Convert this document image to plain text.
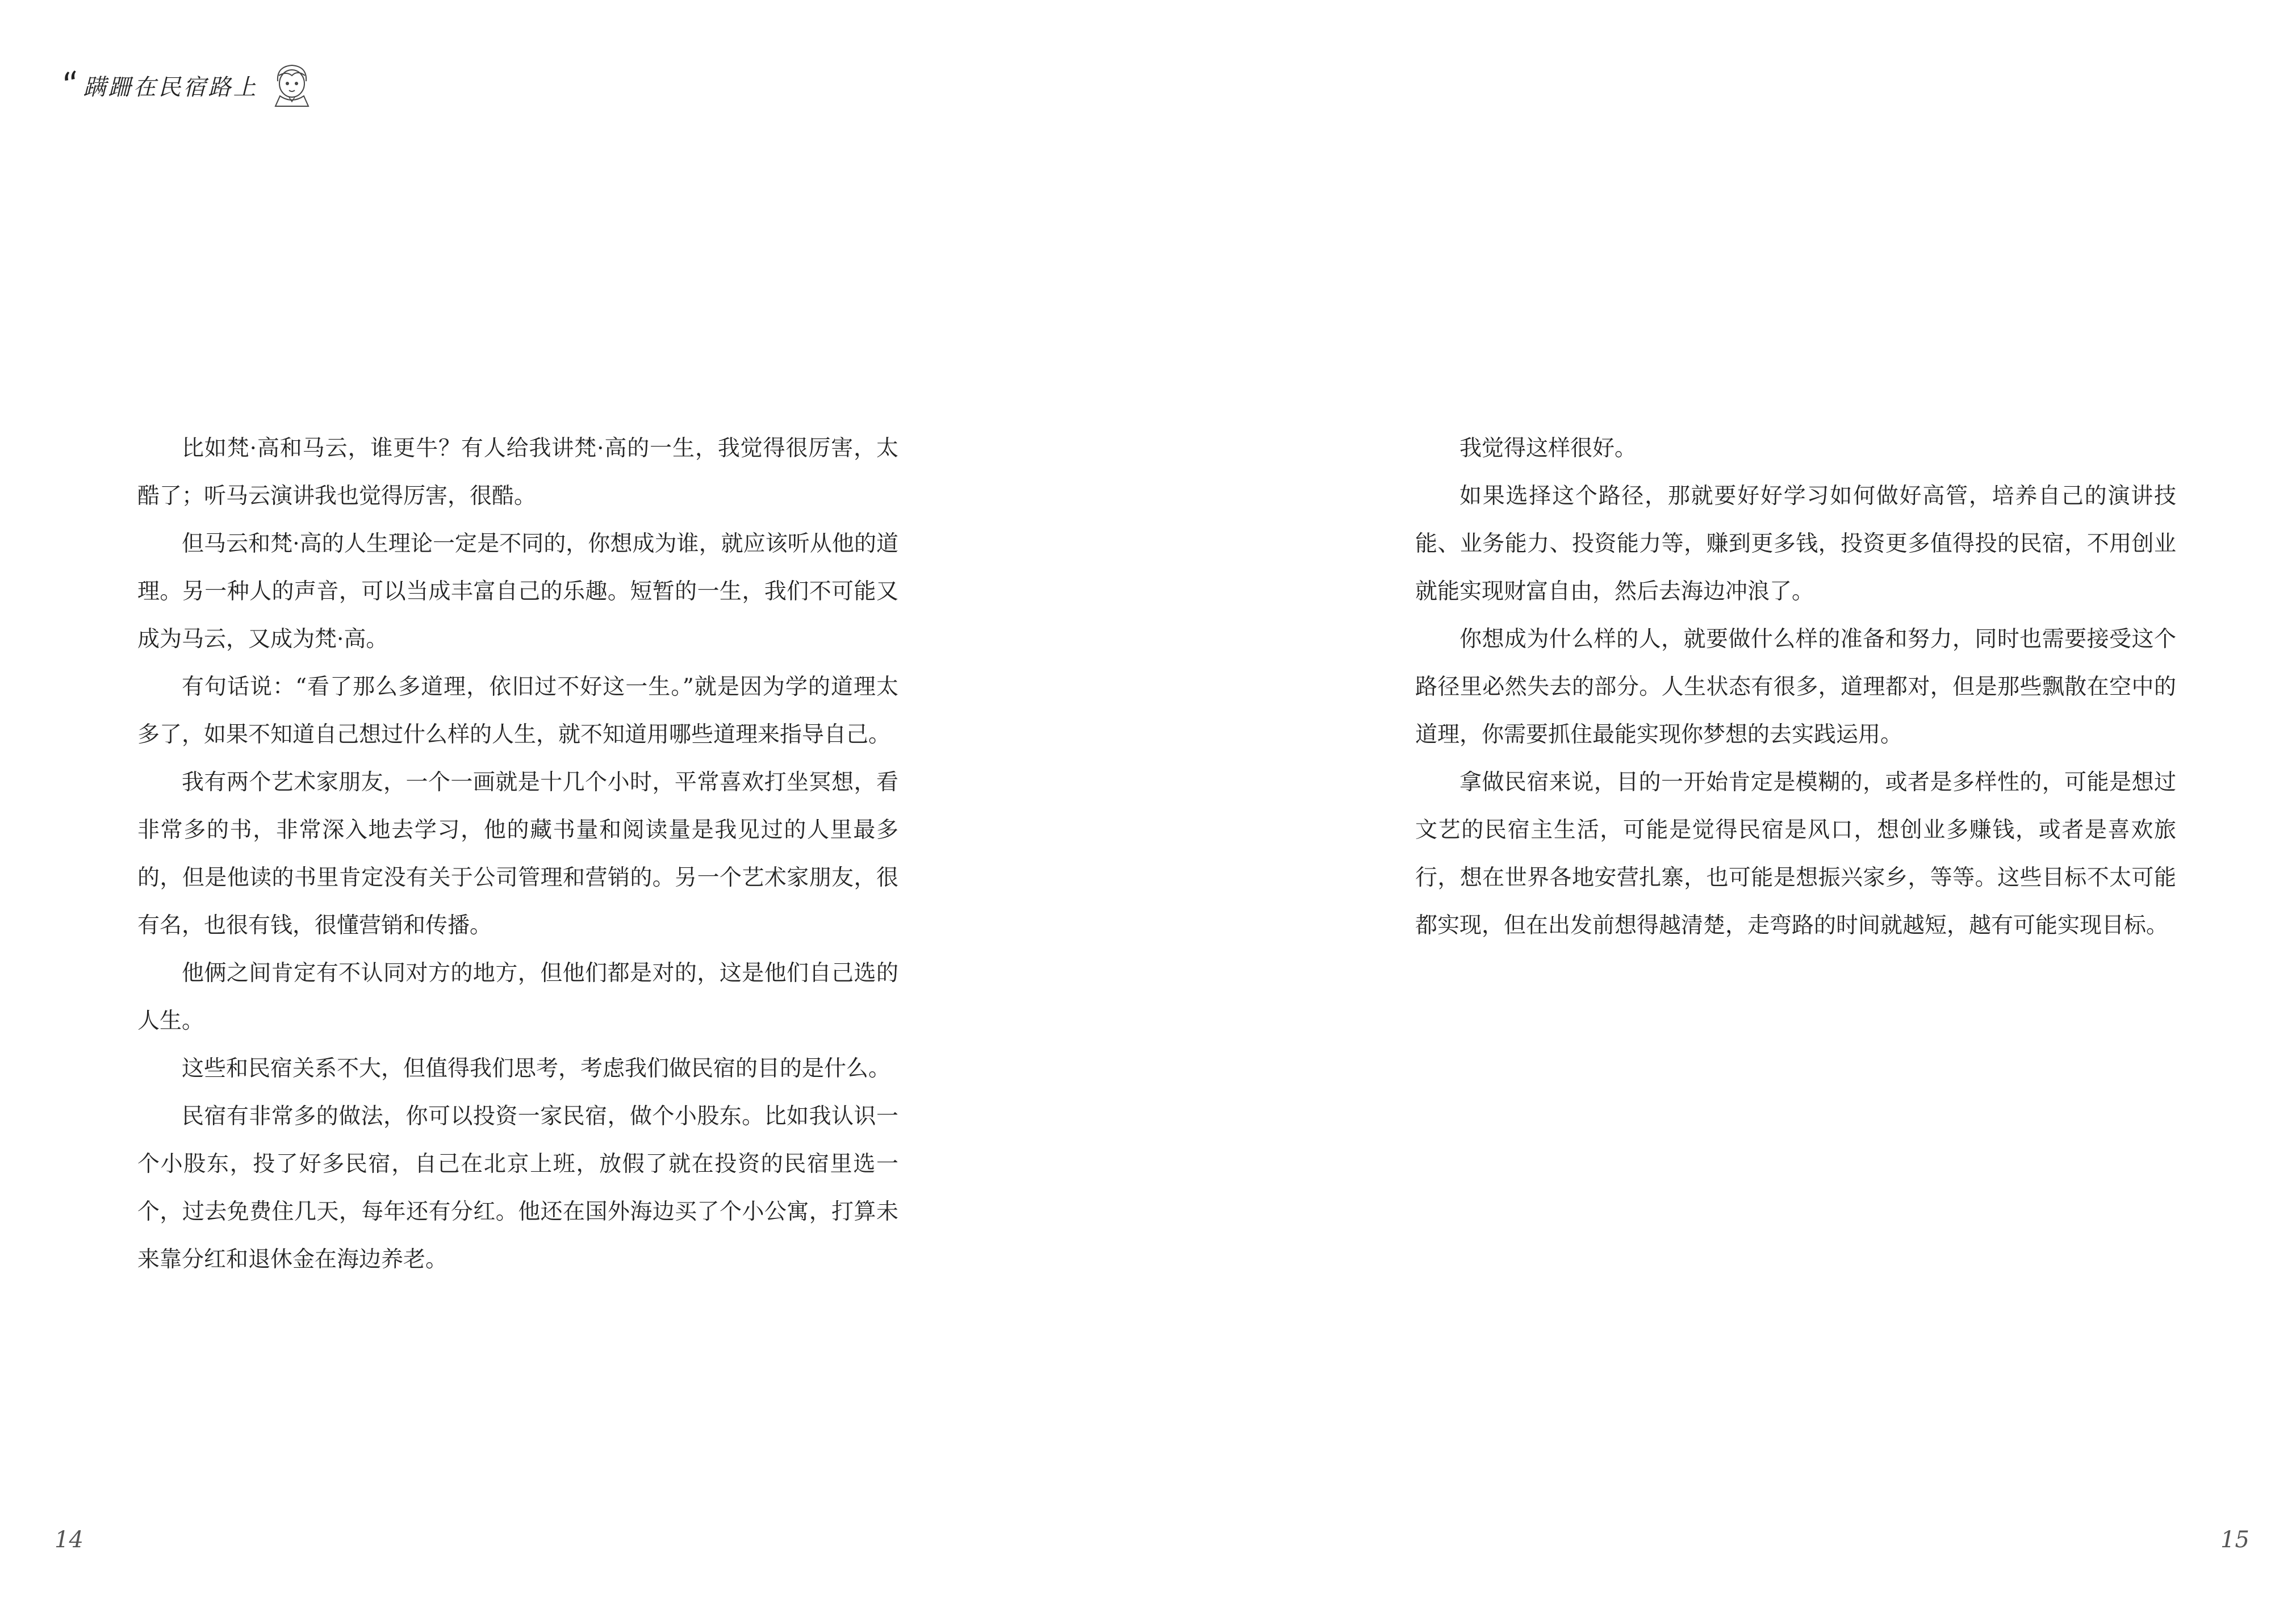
“ 蹒跚在民宿路上

比如梵·高和马云，谁更牛？有人给我讲梵·高的一生，我觉得很厉害，太酷了；听马云演讲我也觉得厉害，很酷。

但马云和梵·高的人生理论一定是不同的，你想成为谁，就应该听从他的道理。另一种人的声音，可以当成丰富自己的乐趣。短暂的一生，我们不可能又成为马云，又成为梵·高。

有句话说：“看了那么多道理，依旧过不好这一生。”就是因为学的道理太多了，如果不知道自己想过什么样的人生，就不知道用哪些道理来指导自己。

我有两个艺术家朋友，一个一画就是十几个小时，平常喜欢打坐冥想，看非常多的书，非常深入地去学习，他的藏书量和阅读量是我见过的人里最多的，但是他读的书里肯定没有关于公司管理和营销的。另一个艺术家朋友，很有名，也很有钱，很懂营销和传播。

他俩之间肯定有不认同对方的地方，但他们都是对的，这是他们自己选的人生。

这些和民宿关系不大，但值得我们思考，考虑我们做民宿的目的是什么。

民宿有非常多的做法，你可以投资一家民宿，做个小股东。比如我认识一个小股东，投了好多民宿，自己在北京上班，放假了就在投资的民宿里选一个，过去免费住几天，每年还有分红。他还在国外海边买了个小公寓，打算未来靠分红和退休金在海边养老。

我觉得这样很好。

如果选择这个路径，那就要好好学习如何做好高管，培养自己的演讲技能、业务能力、投资能力等，赚到更多钱，投资更多值得投的民宿，不用创业就能实现财富自由，然后去海边冲浪了。

你想成为什么样的人，就要做什么样的准备和努力，同时也需要接受这个路径里必然失去的部分。人生状态有很多，道理都对，但是那些飘散在空中的道理，你需要抓住最能实现你梦想的去实践运用。

拿做民宿来说，目的一开始肯定是模糊的，或者是多样性的，可能是想过文艺的民宿主生活，可能是觉得民宿是风口，想创业多赚钱，或者是喜欢旅行，想在世界各地安营扎寨，也可能是想振兴家乡，等等。这些目标不太可能都实现，但在出发前想得越清楚，走弯路的时间就越短，越有可能实现目标。

14	15
